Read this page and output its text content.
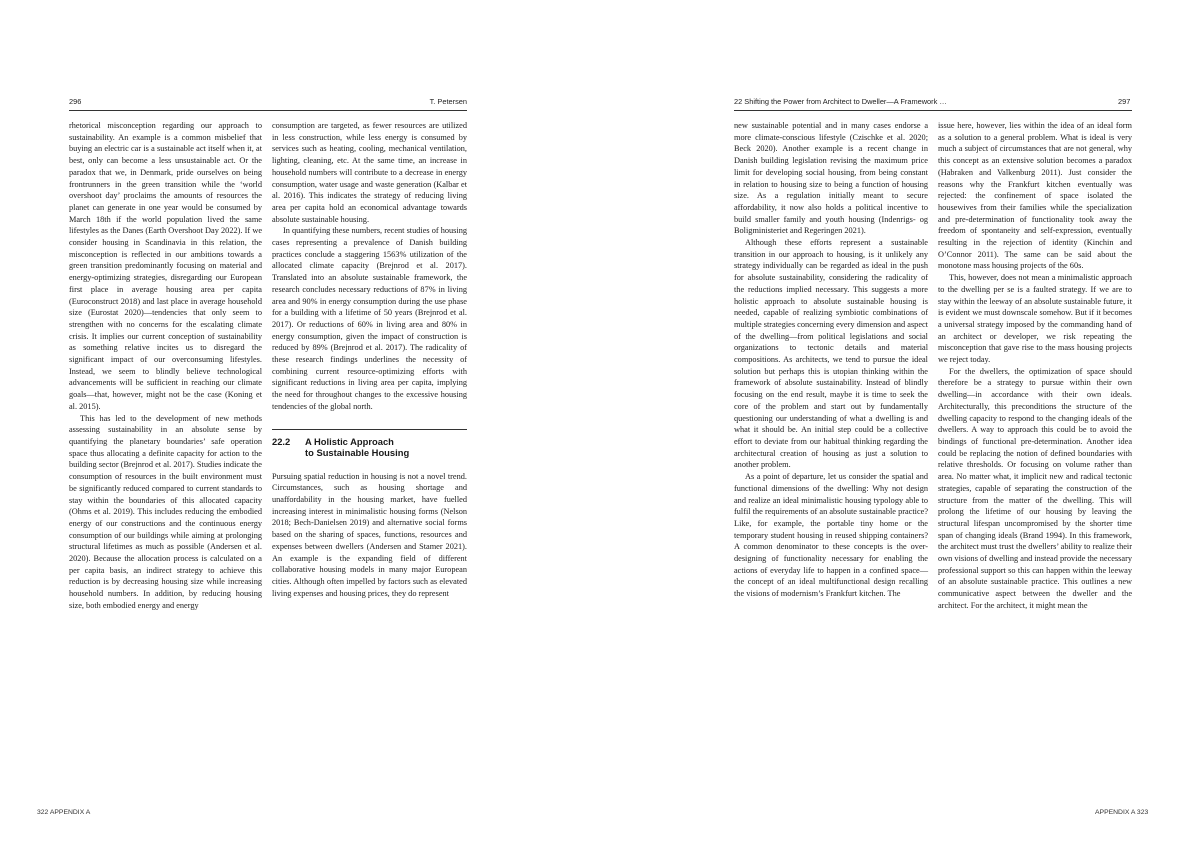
296	T. Petersen

rhetorical misconception regarding our approach to sustainability. An example is a common misbelief that buying an electric car is a sustainable act itself when it, at best, only can become a less unsustainable act. Or the paradox that we, in Denmark, pride ourselves on being frontrunners in the green transition while the ‘world overshoot day’ proclaims the amounts of resources the planet can generate in one year would be consumed by March 18th if the world population lived the same lifestyles as the Danes (Earth Overshoot Day 2022). If we consider housing in Scandinavia in this relation, the misconception is reflected in our ambitions towards a green transition predominantly focusing on material and energy-optimizing strategies, disregarding our European first place in average housing area per capita (Euroconstruct 2018) and last place in average household size (Eurostat 2020)—tendencies that only seem to strengthen with no concerns for the escalating climate crisis. It implies our current conception of sustainability as something relative incites us to disregard the significant impact of our overconsuming lifestyles. Instead, we seem to blindly believe technological advancements will be sufficient in reaching our climate goals—that, however, might not be the case (Koning et al. 2015).

This has led to the development of new methods assessing sustainability in an absolute sense by quantifying the planetary boundaries’ safe operation space thus allocating a definite capacity for action to the building sector (Brejnrod et al. 2017). Studies indicate the consumption of resources in the built environment must be significantly reduced compared to current standards to stay within the boundaries of this allocated capacity (Ohms et al. 2019). This includes reducing the embodied energy of our constructions and the continuous energy consumption of our buildings while aiming at prolonging structural lifetimes as much as possible (Andersen et al. 2020). Because the allocation process is calculated on a per capita basis, an indirect strategy to achieve this reduction is by decreasing housing size while increasing household numbers. In addition, by reducing housing size, both embodied energy and energy

consumption are targeted, as fewer resources are utilized in less construction, while less energy is consumed by services such as heating, cooling, mechanical ventilation, lighting, cleaning, etc. At the same time, an increase in household numbers will contribute to a decrease in energy consumption, water usage and waste generation (Kalbar et al. 2016). This indicates the strategy of reducing living area per capita hold an economical advantage towards absolute sustainable housing.

In quantifying these numbers, recent studies of housing cases representing a prevalence of Danish building practices conclude a staggering 1563% utilization of the allocated climate capacity (Brejnrod et al. 2017). Translated into an absolute sustainable framework, the research concludes necessary reductions of 87% in living area and 90% in energy consumption during the use phase for a building with a lifetime of 50 years (Brejnrod et al. 2017). Or reductions of 60% in living area and 80% in energy consumption, given the impact of construction is reduced by 89% (Brejnrod et al. 2017). The radicality of these research findings underlines the necessity of combining current resource-optimizing efforts with significant reductions in living area per capita, implying the need for throughout changes to the excessive housing tendencies of the global north.

22.2	A Holistic Approach
to Sustainable Housing

Pursuing spatial reduction in housing is not a novel trend. Circumstances, such as housing shortage and unaffordability in the housing market, have fuelled increasing interest in minimalistic housing forms (Nelson 2018; Bech-Danielsen 2019) and alternative social forms based on the sharing of spaces, functions, resources and expenses between dwellers (Andersen and Stamer 2021). An example is the expanding field of different collaborative housing models in many major European cities. Although often impelled by factors such as elevated living expenses and housing prices, they do represent

322 APPENDIX A
22 Shifting the Power from Architect to Dweller—A Framework …	297

new sustainable potential and in many cases endorse a more climate-conscious lifestyle (Czischke et al. 2020; Beck 2020). Another example is a recent change in Danish building legislation revising the maximum price limit for developing social housing, from being constant in relation to housing size to being a function of housing size. As a regulation initially meant to secure affordability, it now also holds a political incentive to build smaller family and youth housing (Indenrigs- og Boligministeriet and Regeringen 2021).

Although these efforts represent a sustainable transition in our approach to housing, is it unlikely any strategy individually can be regarded as ideal in the push for absolute sustainability, considering the radicality of the reductions implied necessary. This suggests a more holistic approach to absolute sustainable housing is needed, capable of realizing symbiotic combinations of multiple strategies concerning every dimension and aspect of the dwelling—from political legislations and social organizations to tectonic details and material compositions. As architects, we tend to pursue the ideal solution but perhaps this is utopian thinking within the framework of absolute sustainability. Instead of blindly focusing on the end result, maybe it is time to seek the core of the problem and start out by fundamentally questioning our understanding of what a dwelling is and what it should be. An initial step could be a collective effort to deviate from our habitual thinking regarding the architectural creation of housing as just a solution to another problem.

As a point of departure, let us consider the spatial and functional dimensions of the dwelling: Why not design and realize an ideal minimalistic housing typology able to fulfil the requirements of an absolute sustainable practice? Like, for example, the portable tiny home or the temporary student housing in reused shipping containers? A common denominator to these concepts is the over-designing of functionality necessary for enabling the actions of everyday life to happen in a confined space—the concept of an ideal multifunctional design recalling the visions of modernism’s Frankfurt kitchen. The

issue here, however, lies within the idea of an ideal form as a solution to a general problem. What is ideal is very much a subject of circumstances that are not general, why this concept as an extensive solution becomes a paradox (Habraken and Valkenburg 2011). Just consider the reasons why the Frankfurt kitchen eventually was rejected: the confinement of space isolated the housewives from their families while the specialization and pre-determination of functionality took away the freedom of spontaneity and self-expression, eventually resulting in the rejection of identity (Kinchin and O’Connor 2011). The same can be said about the monotone mass housing projects of the 60s.

This, however, does not mean a minimalistic approach to the dwelling per se is a faulted strategy. If we are to stay within the leeway of an absolute sustainable future, it is evident we must downscale somehow. But if it becomes a universal strategy imposed by the commanding hand of an architect or developer, we risk repeating the misconception that gave rise to the mass housing projects we reject today.

For the dwellers, the optimization of space should therefore be a strategy to pursue within their own dwelling—in accordance with their own ideals. Architecturally, this preconditions the structure of the dwelling capacity to respond to the changing ideals of the dwellers. A way to approach this could be to avoid the bindings of functional pre-determination. Another idea could be replacing the notion of defined boundaries with relative thresholds. Or focusing on volume rather than area. No matter what, it implicit new and radical tectonic strategies, capable of separating the construction of the structure from the matter of the dwelling. This will prolong the lifetime of our housing by leaving the structural lifespan uncompromised by the shorter time span of changing ideals (Brand 1994). In this framework, the architect must trust the dwellers’ ability to realize their own visions of dwelling and instead provide the necessary professional support so this can happen within the leeway of an absolute sustainable practice. This outlines a new communicative aspect between the dweller and the architect. For the architect, it might mean the

APPENDIX A 323
